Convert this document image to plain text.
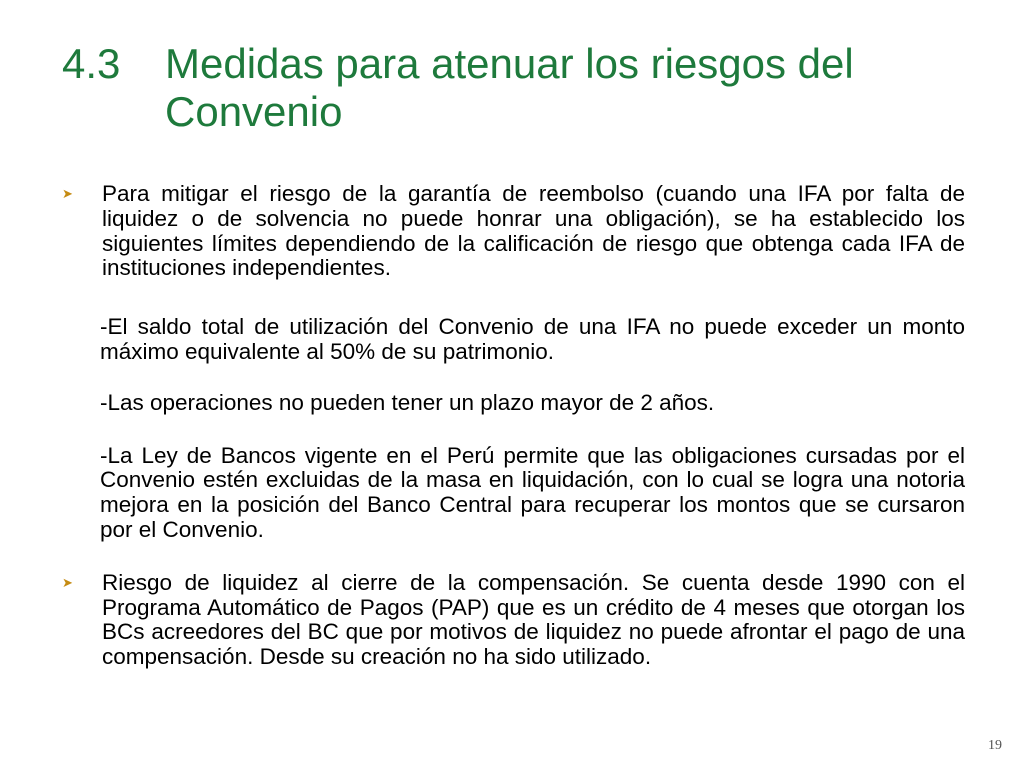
4.3	Medidas para atenuar los riesgos del
Convenio
➤	Para mitigar el riesgo de la garantía de reembolso (cuando una IFA por falta de liquidez o de solvencia no puede honrar una obligación), se ha establecido los siguientes límites dependiendo de la calificación de riesgo que obtenga cada IFA de instituciones independientes.

-El saldo total de utilización del Convenio de una IFA no puede exceder un monto máximo equivalente al 50% de su patrimonio.

-Las operaciones no pueden tener un plazo mayor de 2 años.

-La Ley de Bancos vigente en el Perú permite que las obligaciones cursadas por el Convenio estén excluidas de la masa en liquidación, con lo cual se logra una notoria mejora en la posición del Banco Central para recuperar los montos que se cursaron por el Convenio.

➤	Riesgo de liquidez al cierre de la compensación. Se cuenta desde 1990 con el Programa Automático de Pagos (PAP) que es un crédito de 4 meses que otorgan los BCs acreedores del BC que por motivos de liquidez no puede afrontar el pago de una compensación. Desde su creación no ha sido utilizado.

19
